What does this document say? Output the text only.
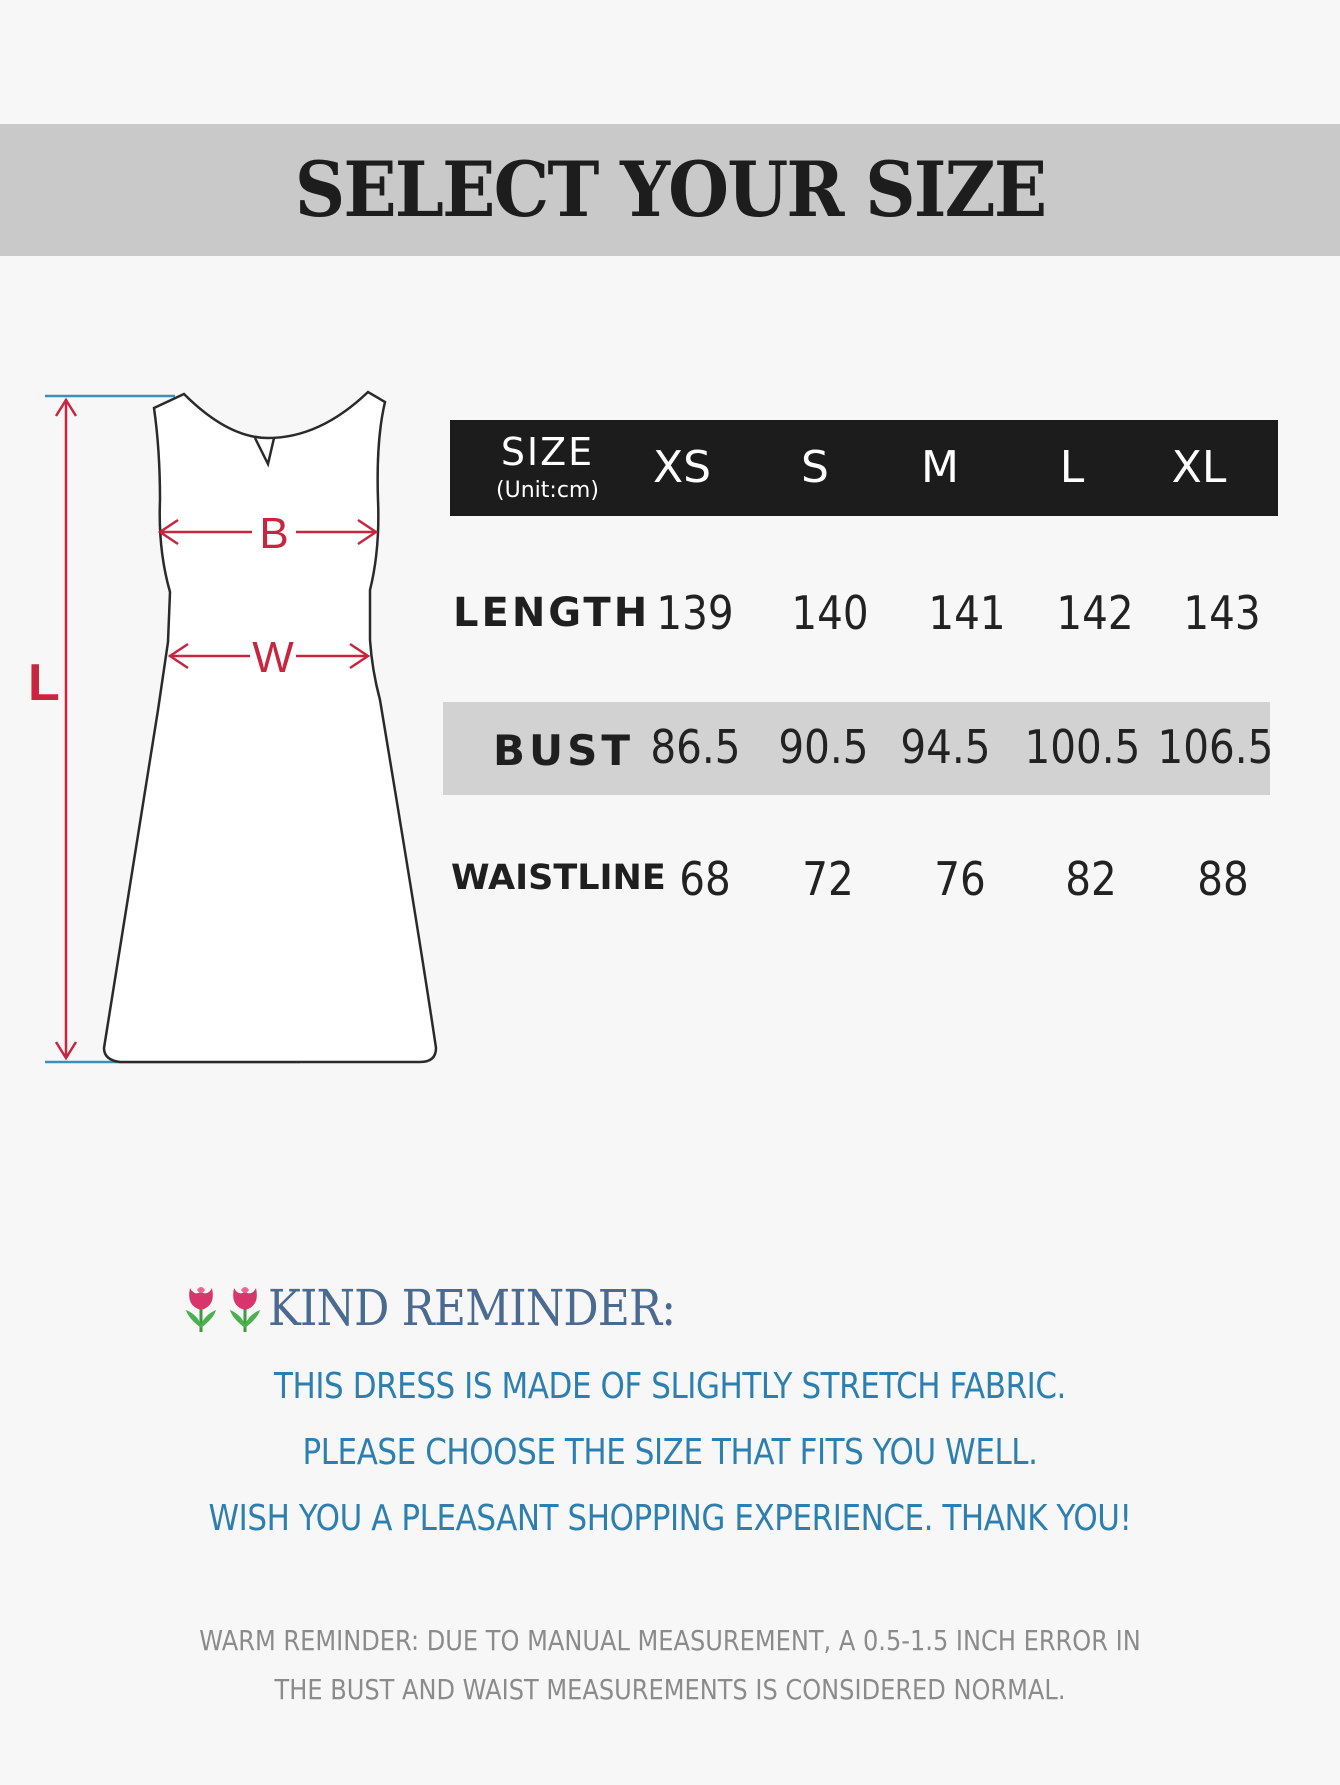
SELECT YOUR SIZE
L
B
W
SIZE
(Unit:cm)	XS	S	M	L	XL
LENGTH 139 140 141 142 143
BUST 86.5 90.5 94.5 100.5 106.5
WAISTLINE 68	72	76	82	88
KIND REMINDER:
THIS DRESS IS MADE OF SLIGHTLY STRETCH FABRIC.
PLEASE CHOOSE THE SIZE THAT FITS YOU WELL.
WISH YOU A PLEASANT SHOPPING EXPERIENCE. THANK YOU!
WARM REMINDER: DUE TO MANUAL MEASUREMENT, A 0.5-1.5 INCH ERROR IN
THE BUST AND WAIST MEASUREMENTS IS CONSIDERED NORMAL.
